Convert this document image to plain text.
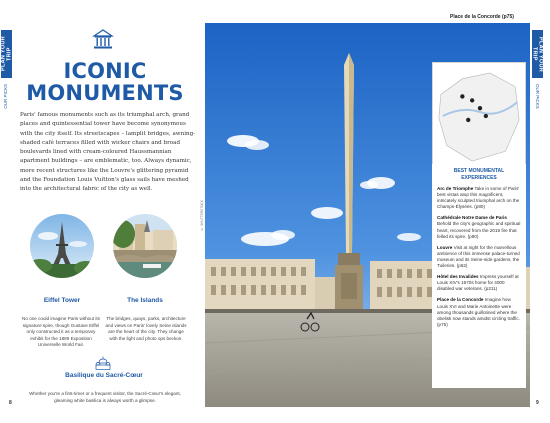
PLAN YOUR TRIP
OUR PICKS
ICONIC MONUMENTS
Paris' famous monuments such as its triumphal arch, grand places and quintessential tower have become synonymous with the city itself. Its streetscapes – lamplit bridges, awning-shaded café terraces filled with wicker chairs and broad boulevards lined with cream-coloured Haussmannian apartment buildings – are emblematic, too. Always dynamic, more recent structures like the Louvre's glittering pyramid and the Foundation Louis Vuitton's glass sails have meshed into the architectural fabric of the city as well.
Eiffel Tower
No one could imagine Paris without its signature spire, though Gustave Eiffel only constructed it as a temporary exhibit for the 1889 Exposition Universelle World Fair.
The Islands
The bridges, quays, parks, architecture and views on Paris' lovely Seine islands are the heart of the city. They change with the light and photo ops beckon.
Basilique du Sacré-Cœur
Whether you're a first-timer or a frequent visitor, the Sacré-Cœur's elegant, gleaming white basilica is always worth a glimpse.
8
Place de la Concorde (p75)
© SHUTTERSTOCK
BEST MONUMENTAL EXPERIENCES
Arc de Triomphe Take in some of Paris' best vistas atop this magnificent, intricately sculpted triumphal arch on the Champs-Élysées. (p80)
Cathédrale Notre Dame de Paris Behold the city's geographic and spiritual heart, recovered from the 2019 fire that felled its spire. (p90)
Louvre Visit at night for the marvellous ambience of this immense palace-turned museum and its Seine-side gardens, the Tuileries. (p62)
Hôtel des Invalides Impress yourself at Louis XIV's 1670s home for 4000 disabled war veterans. (p211)
Place de la Concorde Imagine how Louis XVI and Marie Antoinette were among thousands guillotined where the obelisk now stands amidst circling traffic. (p75)
PLAN YOUR TRIP
OUR PICKS
9
